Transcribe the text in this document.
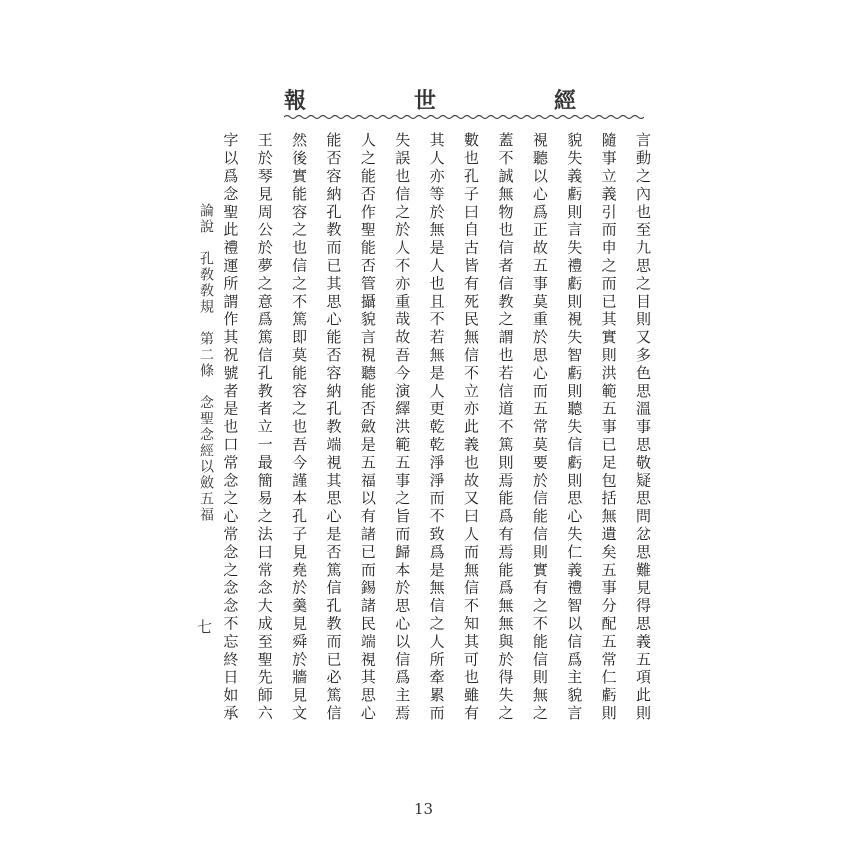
經
世
報
言動之內也至九思之目則又多色思溫事思敬疑思問忿思難見得思義五項此則
隨事立義引而申之而已其實則洪範五事已足包括無遺矣五事分配五常仁虧則
貌失義虧則言失禮虧則視失智虧則聽失信虧則思心失仁義禮智以信爲主貌言
視聽以心爲正故五事莫重於思心而五常莫要於信能信則實有之不能信則無之
蓋不誠無物也信者信教之謂也若信道不篤則焉能爲有焉能爲無無與於得失之
數也孔子曰自古皆有死民無信不立亦此義也故又曰人而無信不知其可也雖有
其人亦等於無是人也且不若無是人更乾乾淨淨而不致爲是無信之人所牽累而
失誤也信之於人不亦重哉故吾今演繹洪範五事之旨而歸本於思心以信爲主焉
人之能否作聖能否管攝貌言視聽能否斂是五福以有諸已而錫諸民端視其思心
能否容納孔教而已其思心能否容納孔教端視其思心是否篤信孔教而已必篤信
然後實能容之也信之不篤即莫能容之也吾今謹本孔子見堯於羹見舜於牆見文
王於琴見周公於夢之意爲篤信孔教者立一最簡易之法曰常念大成至聖先師六
字以爲念聖此禮運所謂作其祝號者是也口常念之心常念之念念不忘終日如承
論說　孔敎敎規　第二條　念聖念經以斂五福
七
13
